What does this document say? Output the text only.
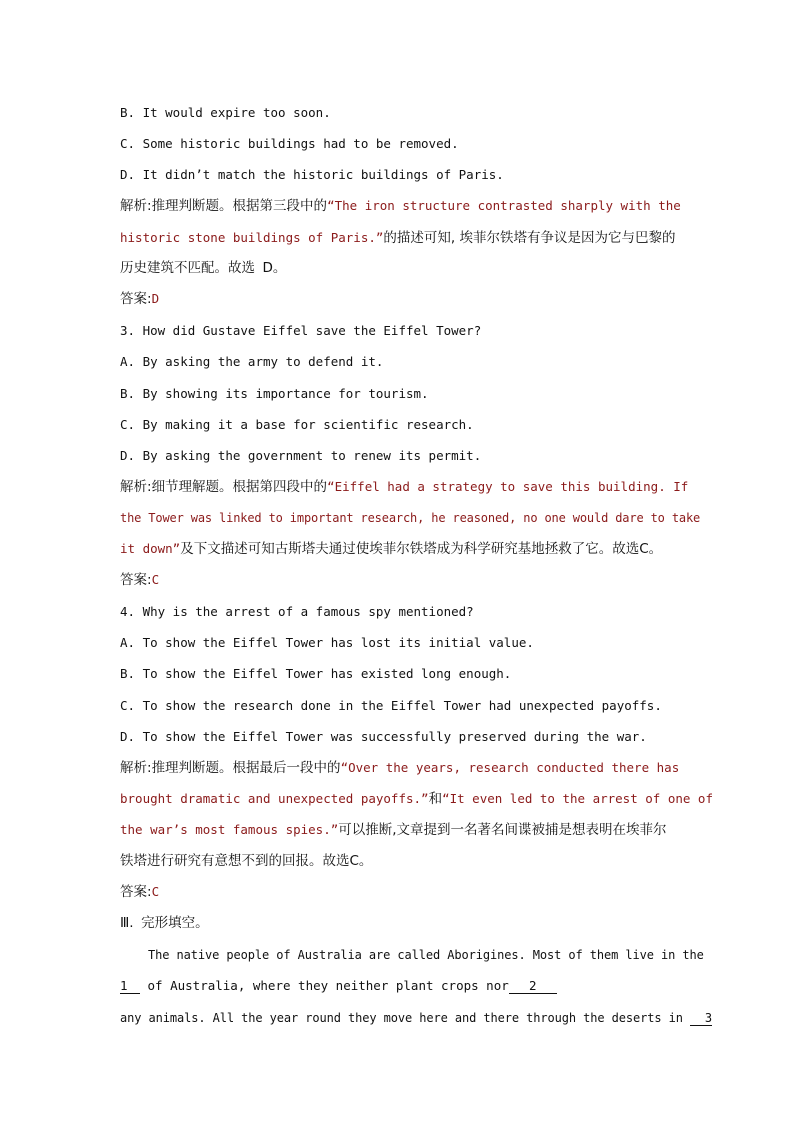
B. It would expire too soon.
C. Some historic buildings had to be removed.
D. It didn’t match the historic buildings of Paris.
解析:推理判断题。根据第三段中的“The iron structure contrasted sharply with the
historic stone buildings of Paris.”的描述可知, 埃菲尔铁塔有争议是因为它与巴黎的
历史建筑不匹配。故选 D。
答案:D
3. How did Gustave Eiffel save the Eiffel Tower?
A. By asking the army to defend it.
B. By showing its importance for tourism.
C. By making it a base for scientific research.
D. By asking the government to renew its permit.
解析:细节理解题。根据第四段中的“Eiffel had a strategy to save this building. If
the Tower was linked to important research, he reasoned, no one would dare to take
it down”及下文描述可知古斯塔夫通过使埃菲尔铁塔成为科学研究基地拯救了它。故选C。
答案:C
4. Why is the arrest of a famous spy mentioned?
A. To show the Eiffel Tower has lost its initial value.
B. To show the Eiffel Tower has existed long enough.
C. To show the research done in the Eiffel Tower had unexpected payoffs.
D. To show the Eiffel Tower was successfully preserved during the war.
解析:推理判断题。根据最后一段中的“Over the years, research conducted there has
brought dramatic and unexpected payoffs.”和“It even led to the arrest of one of
the war’s most famous spies.”可以推断,文章提到一名著名间谍被捕是想表明在埃菲尔
铁塔进行研究有意想不到的回报。故选C。
答案:C
Ⅲ. 完形填空。
The native people of Australia are called Aborigines. Most of them live in the
1 of Australia, where they neither plant crops nor 2
any animals. All the year round they move here and there through the deserts in 3
